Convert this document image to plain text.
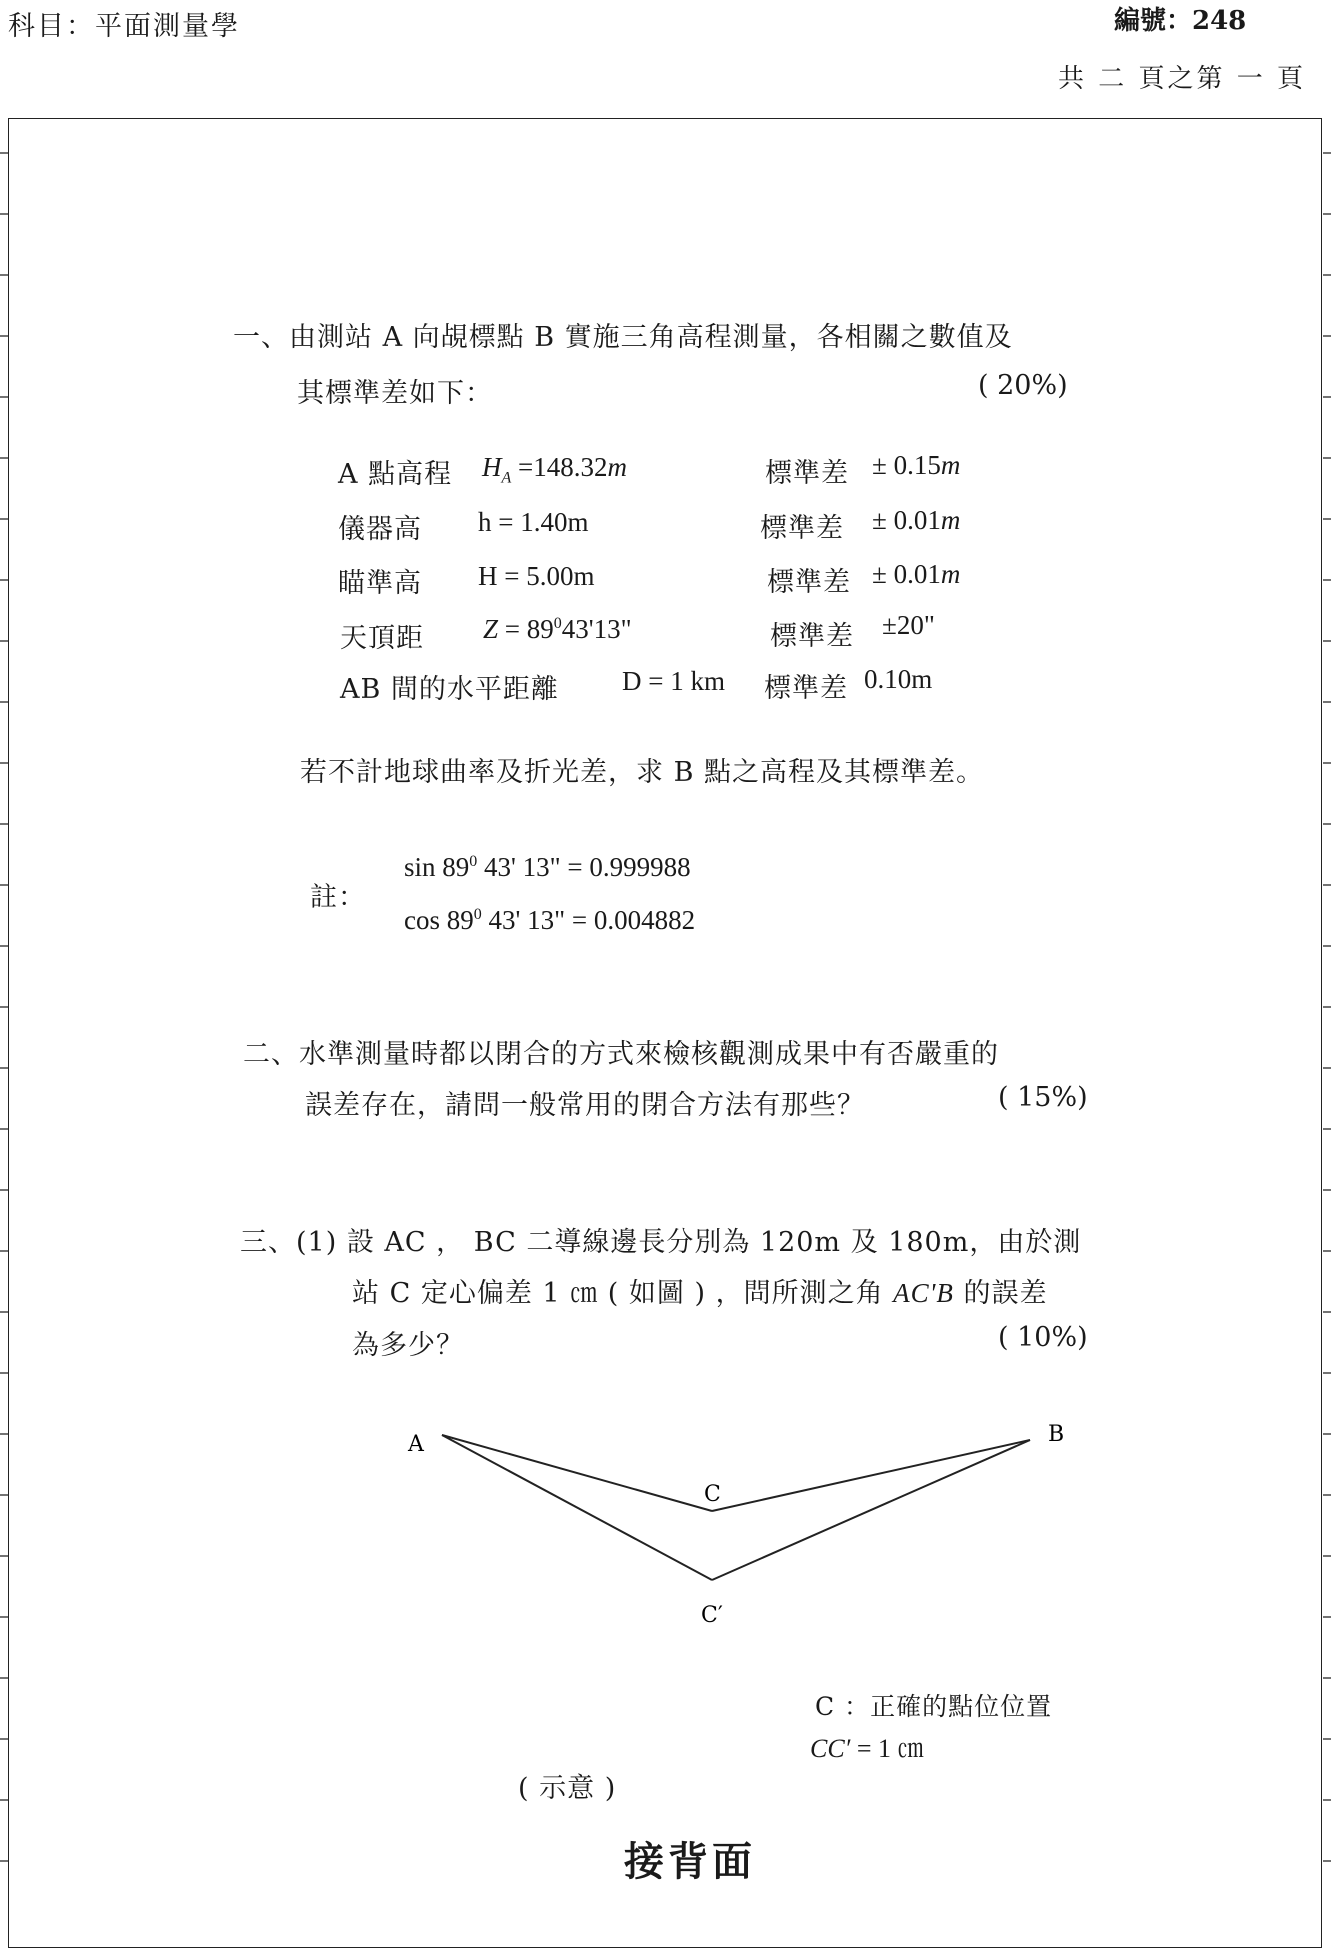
科目：平面測量學	編號：248
共 二 頁之第 一 頁
一、由測站 A 向覘標點 B 實施三角高程測量，各相關之數值及
其標準差如下：	( 20%)
A 點高程 $H_A =148.32m$	標準差 ± 0.15m
儀器高 h = 1.40m	標準差 ± 0.01m
瞄準高 H = 5.00m	標準差 ± 0.01m
天頂距 $Z = 89^043'13$"	標準差 ±20"
AB 間的水平距離 D = 1 km 標準差 0.10m
若不計地球曲率及折光差，求 B 點之高程及其標準差。
註：
$\sin 89^0$ 43' 13" = 0.999988
$\cos 89^0$ 43' 13" = 0.004882
二、水準測量時都以閉合的方式來檢核觀測成果中有否嚴重的
誤差存在，請問一般常用的閉合方法有那些？	( 15%)
三、(1) 設 AC ， BC 二導線邊長分別為 120m 及 180m，由於測
站 C 定心偏差 1 ㎝ ( 如圖 ) ，問所測之角 AC'B 的誤差
為多少？	( 10%)
A	B
C
C′
C ：正確的點位位置
CC′ = 1 ㎝
( 示意 )
接背面
